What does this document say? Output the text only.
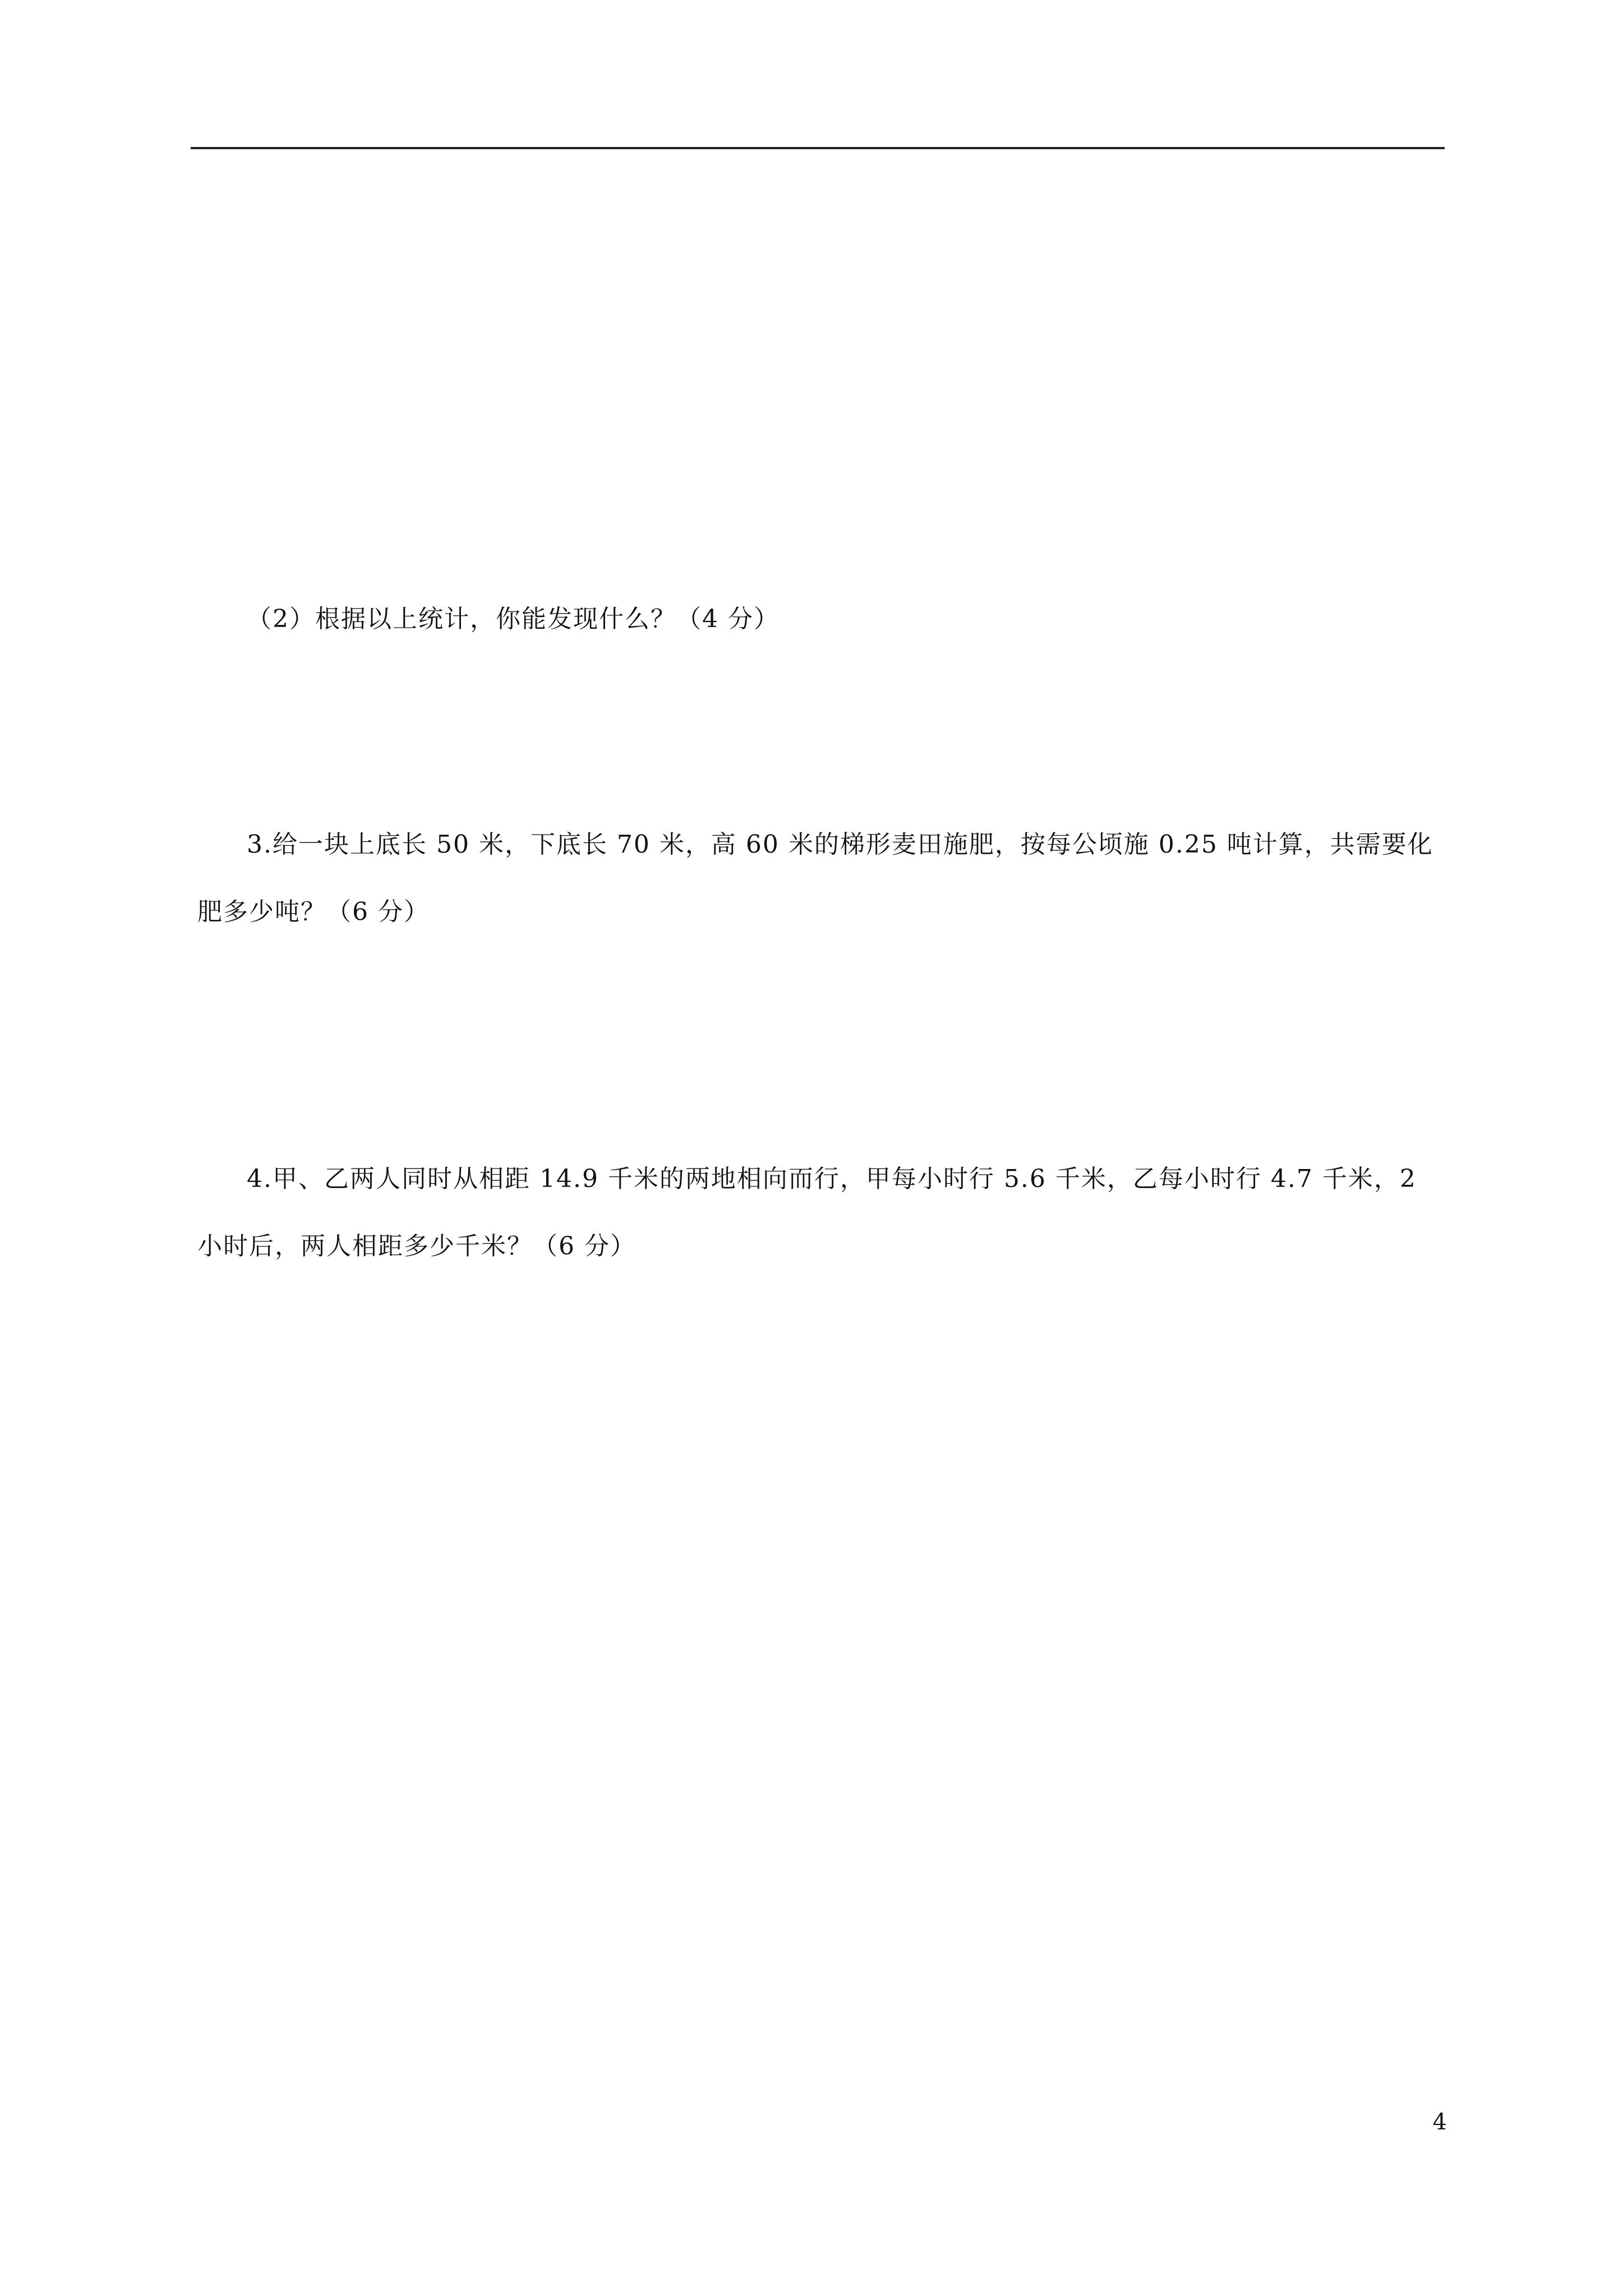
（2）根据以上统计，你能发现什么？（4 分）

3.给一块上底长 50 米，下底长 70 米，高 60 米的梯形麦田施肥，按每公顷施 0.25 吨计算，共需要化肥多少吨？（6 分）

4.甲、乙两人同时从相距 14.9 千米的两地相向而行，甲每小时行 5.6 千米，乙每小时行 4.7 千米，2 小时后，两人相距多少千米？（6 分）

4
